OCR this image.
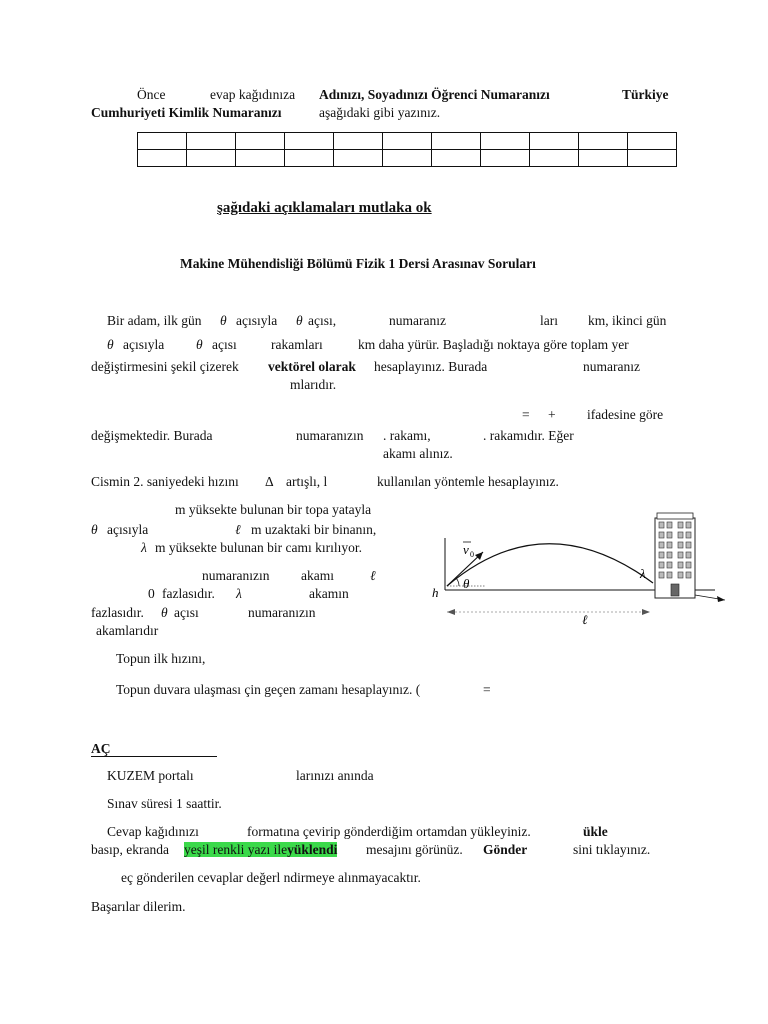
Önce	evap kağıdınıza Adınızı, Soyadınızı Öğrenci Numaranızı	Türkiye
Cumhuriyeti Kimlik Numaranızı	aşağıdaki gibi yazınız.

şağıdaki açıklamaları mutlaka ok
Makine Mühendisliği Bölümü Fizik 1 Dersi Arasınav Soruları
Bir adam, ilk gün θ açısıyla θ açısı,	numaranız	ları km, ikinci gün
θ açısıyla θ açısı	rakamları	km daha yürür. Başladığı noktaya göre toplam yer
değiştirmesini şekil çizerek vektörel olarak hesaplayınız. Burada	numaranız
mlarıdır.
= + ifadesine göre
değişmektedir. Burada	numaranızın . rakamı,	. rakamıdır. Eğer
akamı alınız.
Cismin 2. saniyedeki hızını Δ artışlı, l	kullanılan yöntemle hesaplayınız.
m yüksekte bulunan bir topa yatayla
θ açısıyla	ℓ m uzaktaki bir binanın,
λ m yüksekte bulunan bir camı kırılıyor.
numaranızın akamı	ℓ
0 fazlasıdır. λ	akamın
fazlasıdır. θ açısı	numaranızın
akamlarıdır
Topun ilk hızını,
Topun duvara ulaşması çin geçen zamanı hesaplayınız. (	=
v 0
θ
h
λ
ℓ
AÇ
KUZEM portalı	larınızı anında
Sınav süresi 1 saattir.
Cevap kağıdınızı	formatına çevirip gönderdiğim ortamdan yükleyiniz.	ükle
basıp, ekranda yeşil renkli yazı ileyüklendi mesajını görünüz. Gönder	sini tıklayınız.
eç gönderilen cevaplar değerl ndirmeye alınmayacaktır.
Başarılar dilerim.
